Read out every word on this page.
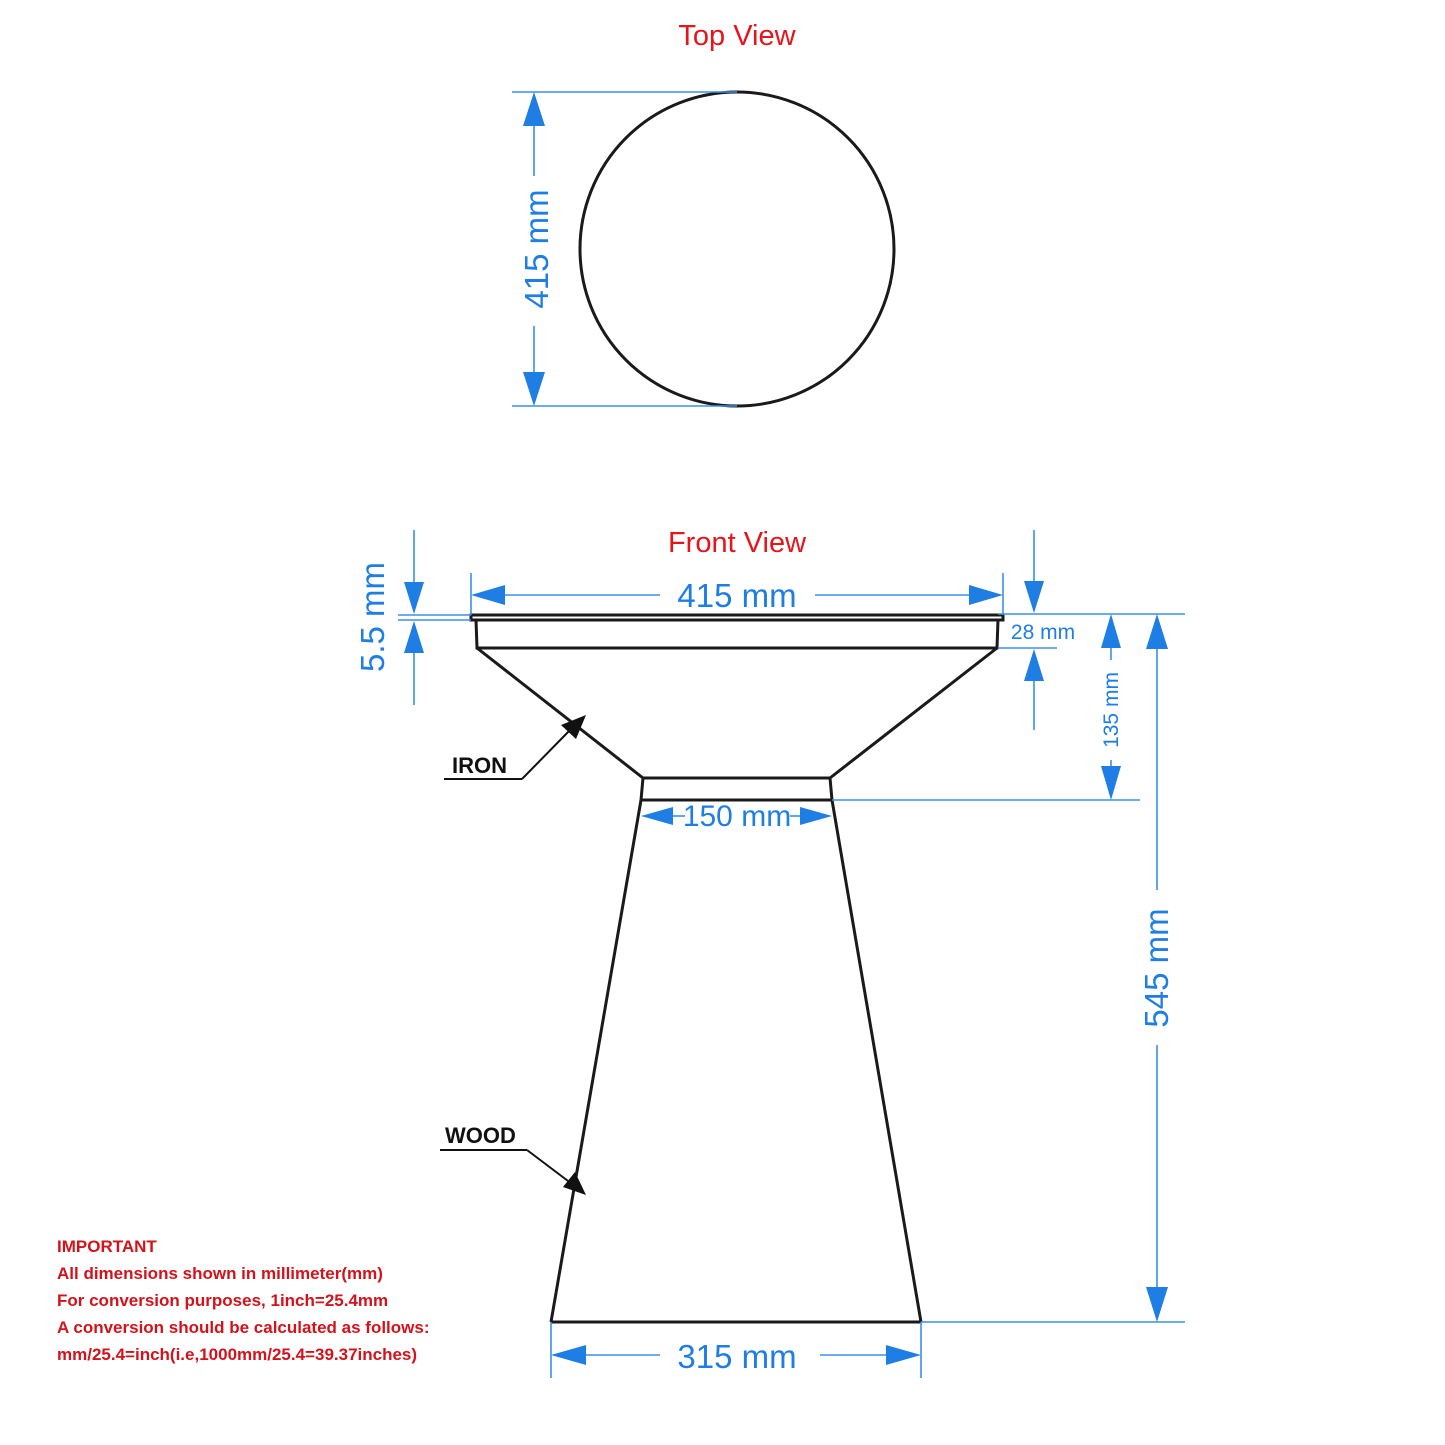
Top View
415 mm
Front View
415 mm
5.5 mm	28 mm
135 mm
150 mm
545 mm
315 mm
IRON
WOOD
IMPORTANT
All dimensions shown in millimeter(mm)
For conversion purposes, 1inch=25.4mm
A conversion should be calculated as follows:
mm/25.4=inch(i.e,1000mm/25.4=39.37inches)
